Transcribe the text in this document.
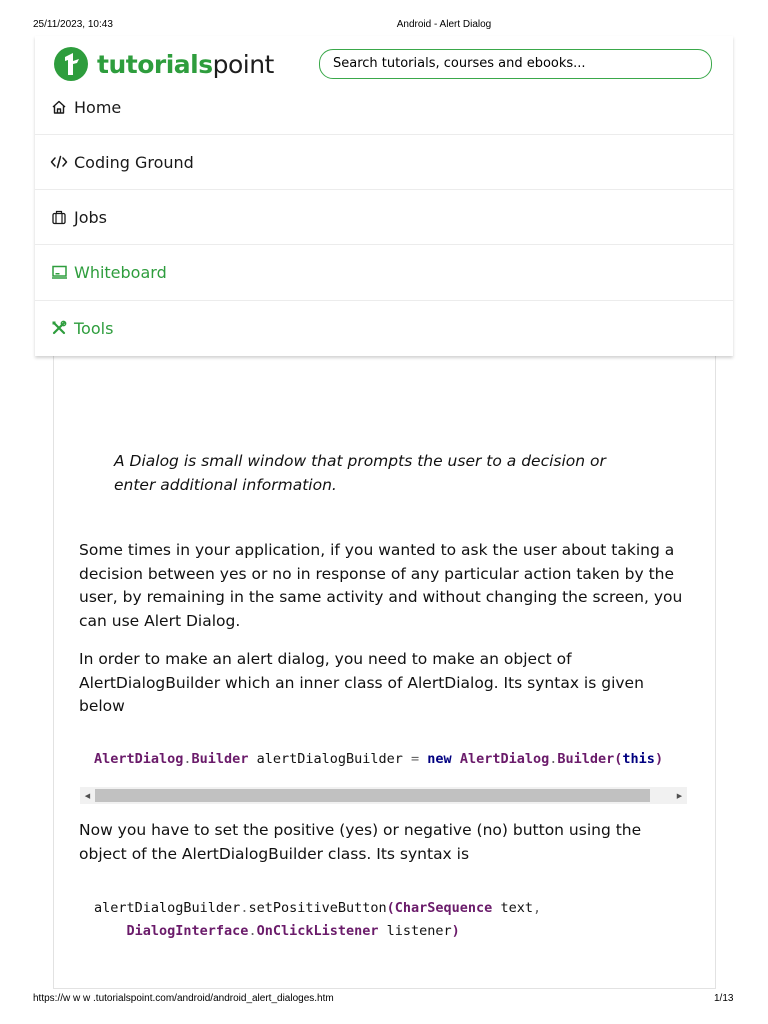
25/11/2023, 10:43	Android - Alert Dialog
tutorialspoint	Search tutorials, courses and ebooks...
Home
Coding Ground
Jobs
Whiteboard
Tools
A Dialog is small window that prompts the user to a decision or
enter additional information.

Some times in your application, if you wanted to ask the user about taking a decision between yes or no in response of any particular action taken by the user, by remaining in the same activity and without changing the screen, you can use Alert Dialog.

In order to make an alert dialog, you need to make an object of AlertDialogBuilder which an inner class of AlertDialog. Its syntax is given below

AlertDialog.Builder alertDialogBuilder = new AlertDialog.Builder(this)
◀	▶

Now you have to set the positive (yes) or negative (no) button using the object of the AlertDialogBuilder class. Its syntax is

alertDialogBuilder.setPositiveButton(CharSequence text,
DialogInterface.OnClickListener listener)
https://w w w .tutorialspoint.com/android/android_alert_dialoges.htm	1/13
